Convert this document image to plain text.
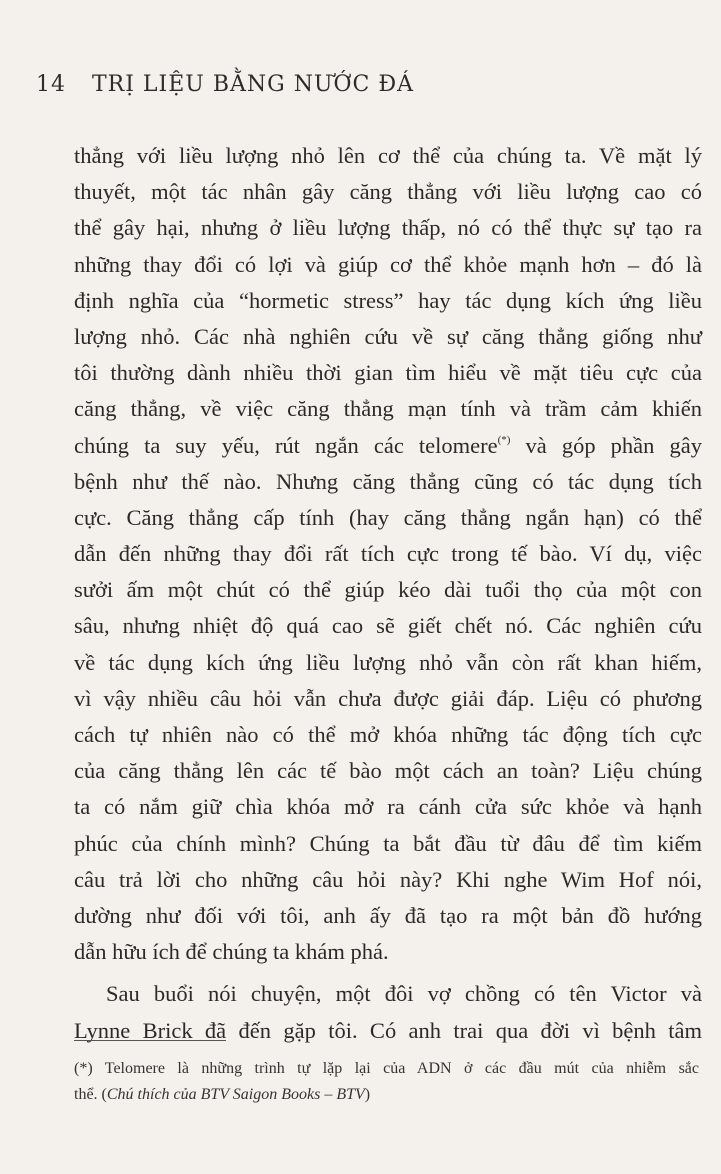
14 TRỊ LIỆU BẰNG NƯỚC ĐÁ
thẳng với liều lượng nhỏ lên cơ thể của chúng ta. Về mặt lý
thuyết, một tác nhân gây căng thẳng với liều lượng cao có
thể gây hại, nhưng ở liều lượng thấp, nó có thể thực sự tạo ra
những thay đổi có lợi và giúp cơ thể khỏe mạnh hơn – đó là
định nghĩa của “hormetic stress” hay tác dụng kích ứng liều
lượng nhỏ. Các nhà nghiên cứu về sự căng thẳng giống như
tôi thường dành nhiều thời gian tìm hiểu về mặt tiêu cực của
căng thẳng, về việc căng thẳng mạn tính và trầm cảm khiến
chúng ta suy yếu, rút ngắn các telomere(*) và góp phần gây
bệnh như thế nào. Nhưng căng thẳng cũng có tác dụng tích
cực. Căng thẳng cấp tính (hay căng thẳng ngắn hạn) có thể
dẫn đến những thay đổi rất tích cực trong tế bào. Ví dụ, việc
sưởi ấm một chút có thể giúp kéo dài tuổi thọ của một con
sâu, nhưng nhiệt độ quá cao sẽ giết chết nó. Các nghiên cứu
về tác dụng kích ứng liều lượng nhỏ vẫn còn rất khan hiếm,
vì vậy nhiều câu hỏi vẫn chưa được giải đáp. Liệu có phương
cách tự nhiên nào có thể mở khóa những tác động tích cực
của căng thẳng lên các tế bào một cách an toàn? Liệu chúng
ta có nắm giữ chìa khóa mở ra cánh cửa sức khỏe và hạnh
phúc của chính mình? Chúng ta bắt đầu từ đâu để tìm kiếm
câu trả lời cho những câu hỏi này? Khi nghe Wim Hof nói,
dường như đối với tôi, anh ấy đã tạo ra một bản đồ hướng
dẫn hữu ích để chúng ta khám phá.
Sau buổi nói chuyện, một đôi vợ chồng có tên Victor và
Lynne Brick đã đến gặp tôi. Có anh trai qua đời vì bệnh tâm
(*) Telomere là những trình tự lặp lại của ADN ở các đầu mút của nhiễm sắc
thể. (Chú thích của BTV Saigon Books – BTV)
